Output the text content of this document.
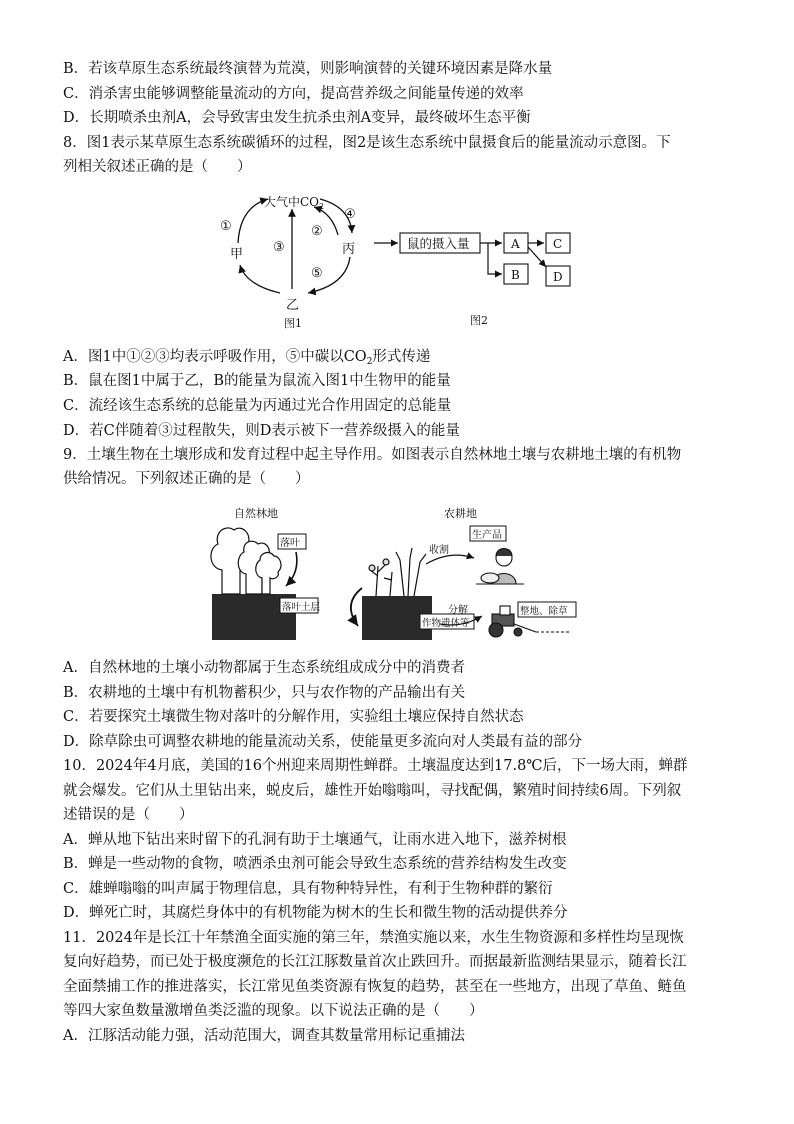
B．若该草原生态系统最终演替为荒漠，则影响演替的关键环境因素是降水量
C．消杀害虫能够调整能量流动的方向，提高营养级之间能量传递的效率
D．长期喷杀虫剂A，会导致害虫发生抗杀虫剂A变异，最终破坏生态平衡
8．图1表示某草原生态系统碳循环的过程，图2是该生态系统中鼠摄食后的能量流动示意图。下
列相关叙述正确的是（　　）
大气中$CO_2$
甲	丙
乙
①	②
③
④
⑤
图1
鼠的摄入量	A	C
B	D
图2
A．图1中①②③均表示呼吸作用，⑤中碳以$CO_2$形式传递
B．鼠在图1中属于乙，B的能量为鼠流入图1中生物甲的能量
C．流经该生态系统的总能量为丙通过光合作用固定的总能量
D．若C伴随着③过程散失，则D表示被下一营养级摄入的能量
9．土壤生物在土壤形成和发育过程中起主导作用。如图表示自然林地土壤与农耕地土壤的有机物
供给情况。下列叙述正确的是（　　）
自然林地
落叶
落叶土层
农耕地
作物遗体等
收割
生产品
分解	整地、除草
A．自然林地的土壤小动物都属于生态系统组成成分中的消费者
B．农耕地的土壤中有机物蓄积少，只与农作物的产品输出有关
C．若要探究土壤微生物对落叶的分解作用，实验组土壤应保持自然状态
D．除草除虫可调整农耕地的能量流动关系，使能量更多流向对人类最有益的部分
10．2024年4月底，美国的16个州迎来周期性蝉群。土壤温度达到17.8℃后，下一场大雨，蝉群
就会爆发。它们从土里钻出来，蜕皮后，雄性开始嗡嗡叫，寻找配偶，繁殖时间持续6周。下列叙
述错误的是（　　）
A．蝉从地下钻出来时留下的孔洞有助于土壤通气，让雨水进入地下，滋养树根
B．蝉是一些动物的食物，喷洒杀虫剂可能会导致生态系统的营养结构发生改变
C．雄蝉嗡嗡的叫声属于物理信息，具有物种特异性，有利于生物种群的繁衍
D．蝉死亡时，其腐烂身体中的有机物能为树木的生长和微生物的活动提供养分
11．2024年是长江十年禁渔全面实施的第三年，禁渔实施以来，水生生物资源和多样性均呈现恢
复向好趋势，而已处于极度濒危的长江江豚数量首次止跌回升。而据最新监测结果显示，随着长江
全面禁捕工作的推进落实，长江常见鱼类资源有恢复的趋势，甚至在一些地方，出现了草鱼、鲢鱼
等四大家鱼数量激增鱼类泛滥的现象。以下说法正确的是（　　）
A．江豚活动能力强，活动范围大，调查其数量常用标记重捕法
